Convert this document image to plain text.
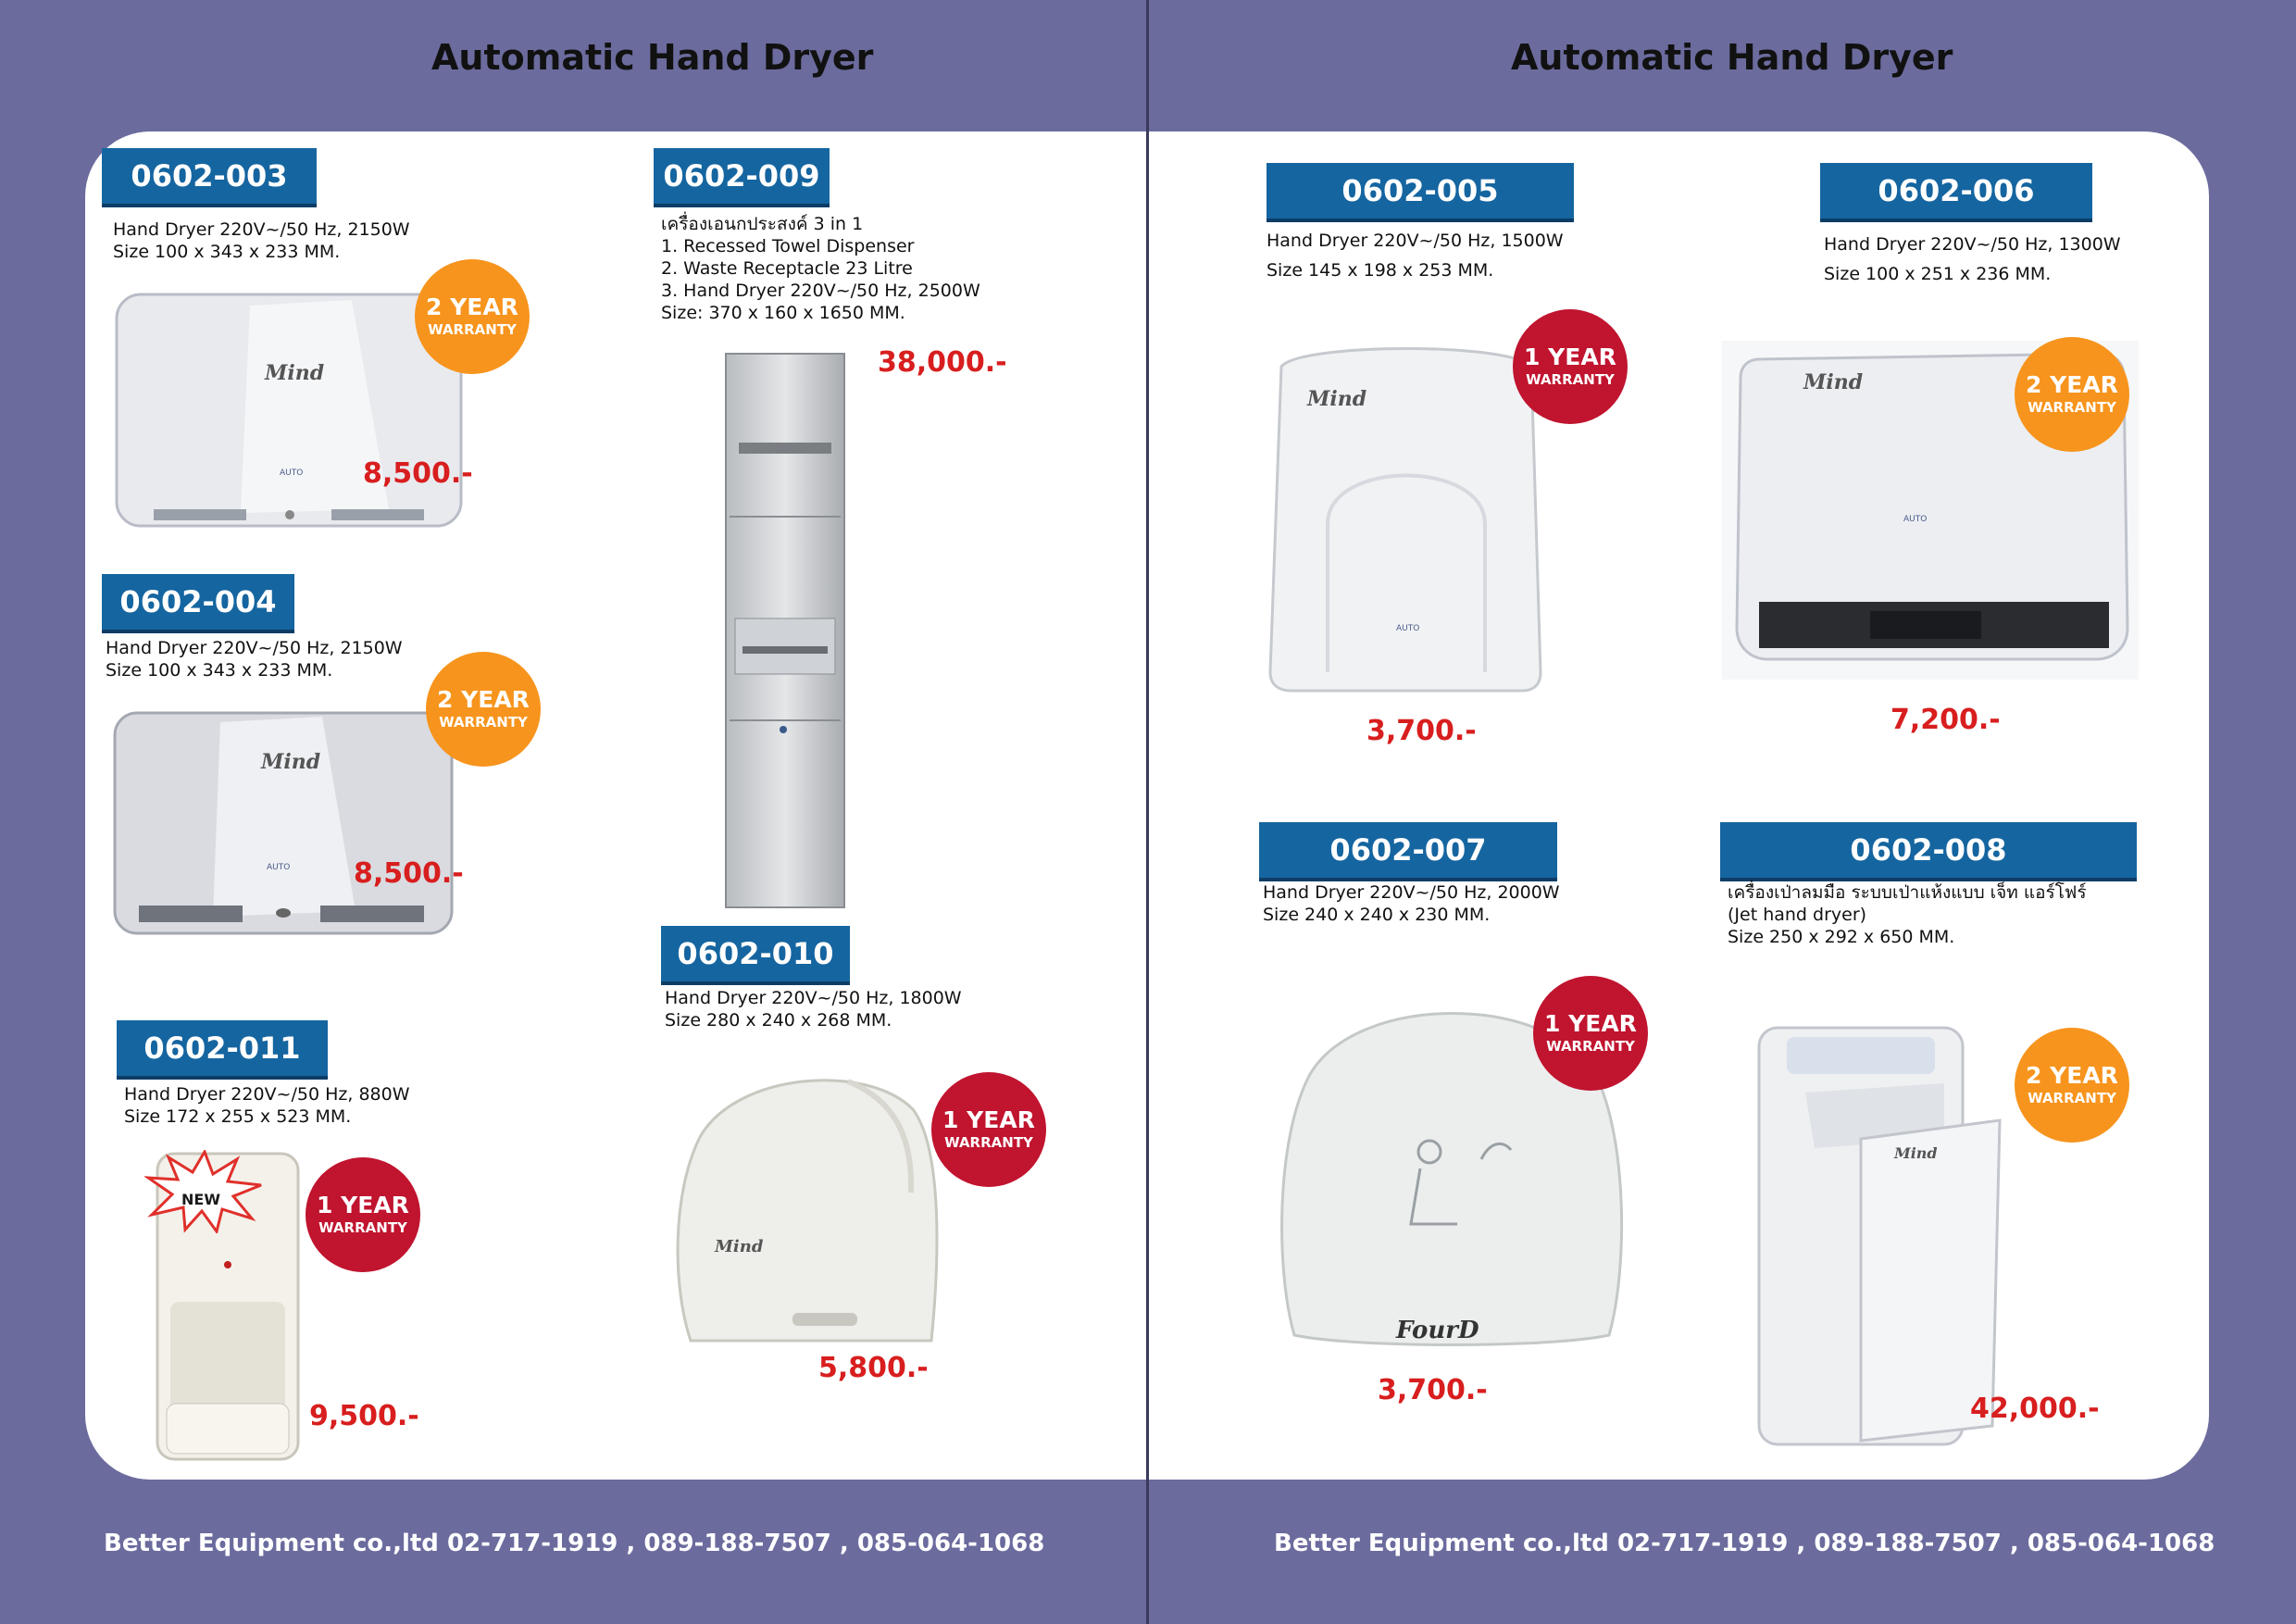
Automatic Hand Dryer	Automatic Hand Dryer
0602-003
Hand Dryer 220V~/50 Hz, 2150W
Size 100 x 343 x 233 MM.
Mind
AUTO
2 YEAR
WARRANTY
8,500.-
0602-009
เครื่องเอนกประสงค์ 3 in 1
1. Recessed Towel Dispenser
2. Waste Receptacle 23 Litre
3. Hand Dryer 220V~/50 Hz, 2500W
Size: 370 x 160 x 1650 MM.
38,000.-
0602-004
Hand Dryer 220V~/50 Hz, 2150W
Size 100 x 343 x 233 MM.
Mind
AUTO
2 YEAR
WARRANTY
8,500.-
0602-010
Hand Dryer 220V~/50 Hz, 1800W
Size 280 x 240 x 268 MM.
Mind
1 YEAR
WARRANTY
5,800.-
0602-011
Hand Dryer 220V~/50 Hz, 880W
Size 172 x 255 x 523 MM.
NEW	1 YEAR
WARRANTY
9,500.-
0602-005
Hand Dryer 220V~/50 Hz, 1500W
Size 145 x 198 x 253 MM.
Mind
AUTO
1 YEAR
WARRANTY
3,700.-
0602-006
Hand Dryer 220V~/50 Hz, 1300W
Size 100 x 251 x 236 MM.
Mind
AUTO
2 YEAR
WARRANTY
7,200.-
0602-007
Hand Dryer 220V~/50 Hz, 2000W
Size 240 x 240 x 230 MM.
FourD
1 YEAR
WARRANTY
3,700.-
0602-008
เครื่องเป่าลมมือ ระบบเป่าแห้งแบบ เจ็ท แอร์โฟร์
(Jet hand dryer)
Size 250 x 292 x 650 MM.
Mind
2 YEAR
WARRANTY
42,000.-
Better Equipment co.,ltd 02-717-1919 , 089-188-7507 , 085-064-1068	Better Equipment co.,ltd 02-717-1919 , 089-188-7507 , 085-064-1068
